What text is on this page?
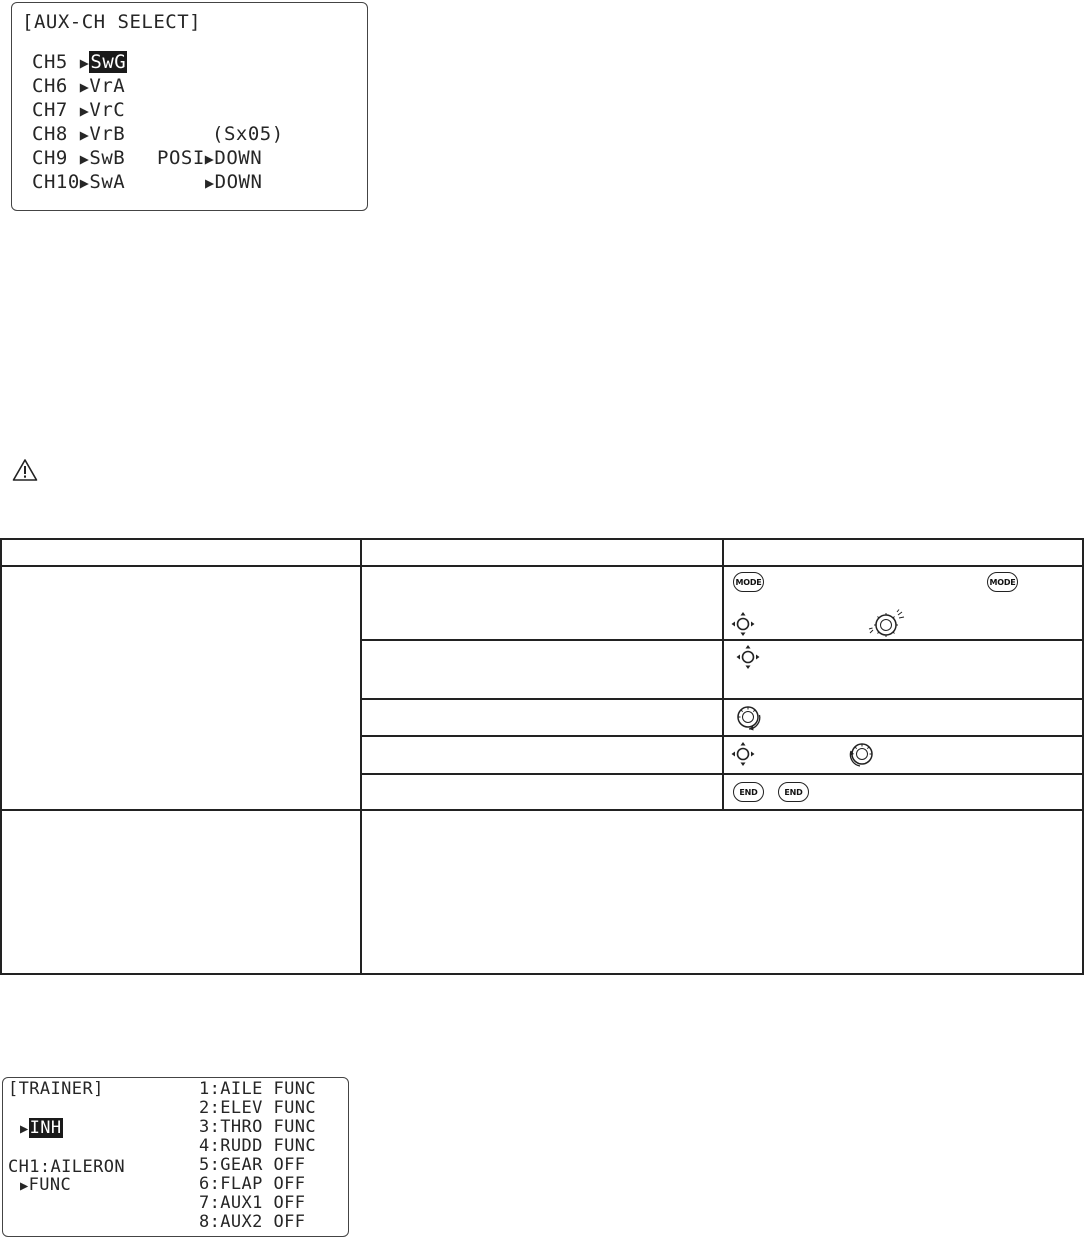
[AUX-CH SELECT]
CH5 ▶SwG
CH6 ▶VrA
CH7 ▶VrC
CH8 ▶VrB	(Sx05)
CH9 ▶SwB POSI▶DOWN
CH10▶SwA	▶DOWN
MODE	MODE
END	END
[TRAINER]
▶INH
CH1:AILERON
▶FUNC
1:AILE FUNC
2:ELEV FUNC
3:THRO FUNC
4:RUDD FUNC
5:GEAR OFF
6:FLAP OFF
7:AUX1 OFF
8:AUX2 OFF
